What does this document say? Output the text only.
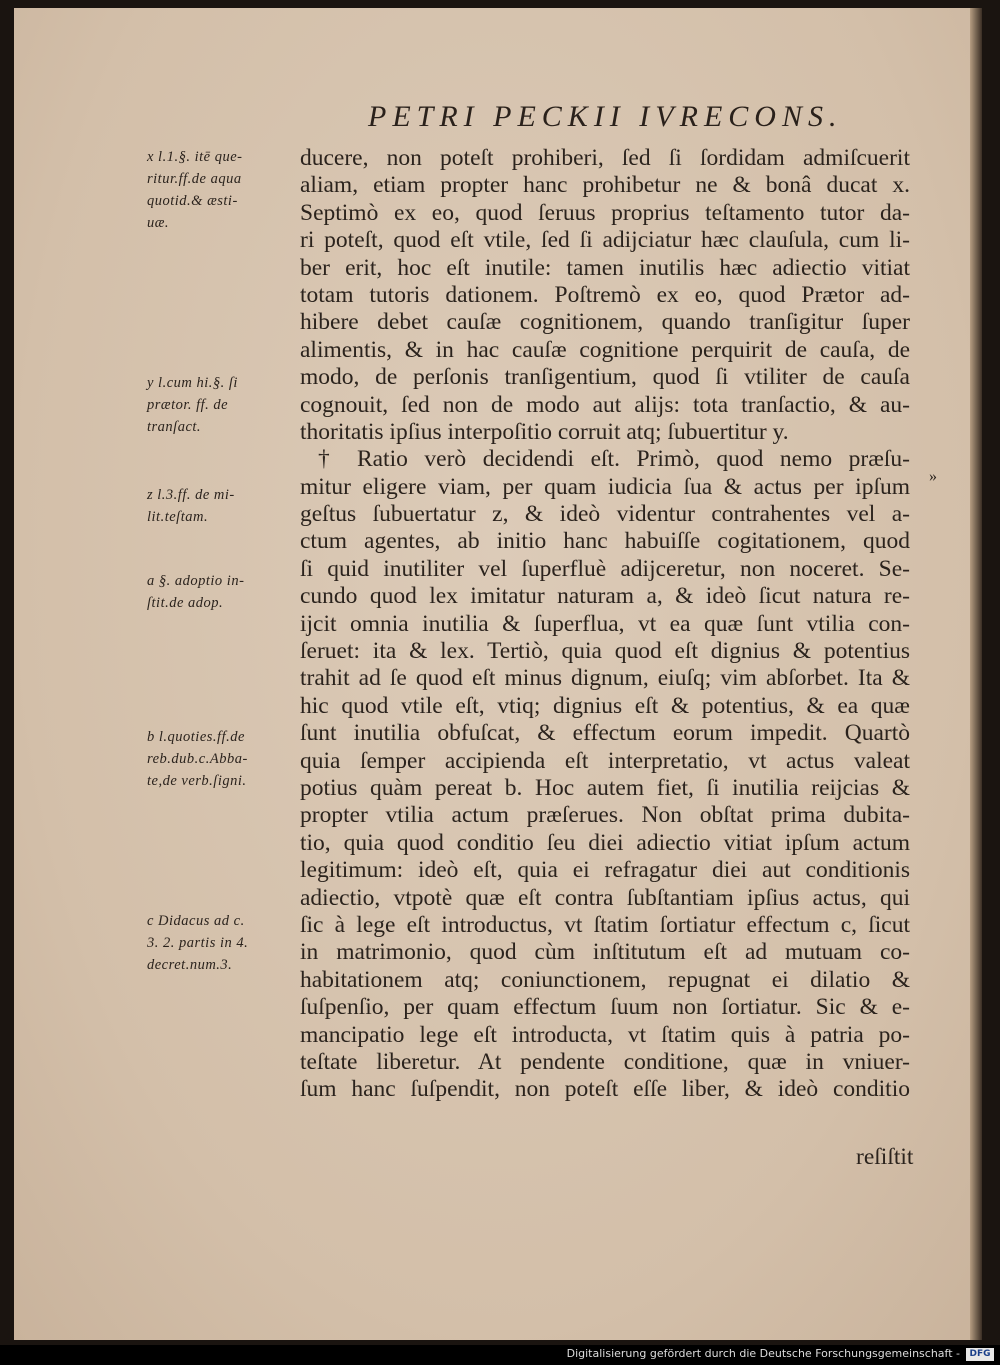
PETRI PECKII IVRECONS.
x l.1.§. itē que-
ritur.ff.de aqua
quotid.& æsti-
uæ.
y l.cum hi.§. ſi
prætor. ff. de
tranſact.
z l.3.ff. de mi-
lit.teſtam.
a §. adoptio in-
ſtit.de adop.
b l.quoties.ff.de
reb.dub.c.Abba-
te,de verb.ſigni.
c Didacus ad c.
3. 2. partis in 4.
decret.num.3.
»
ducere, non poteſt prohiberi, ſed ſi ſordidam admiſcuerit
aliam, etiam propter hanc prohibetur ne & bonâ ducat x.
Septimò ex eo, quod ſeruus proprius teſtamento tutor da-
ri poteſt, quod eſt vtile, ſed ſi adijciatur hæc clauſula, cum li-
ber erit, hoc eſt inutile: tamen inutilis hæc adiectio vitiat
totam tutoris dationem. Poſtremò ex eo, quod Prætor ad-
hibere debet cauſæ cognitionem, quando tranſigitur ſuper
alimentis, & in hac cauſæ cognitione perquirit de cauſa, de
modo, de perſonis tranſigentium, quod ſi vtiliter de cauſa
cognouit, ſed non de modo aut alijs: tota tranſactio, & au-
thoritatis ipſius interpoſitio corruit atq; ſubuertitur y.
† Ratio verò decidendi eſt. Primò, quod nemo præſu-
mitur eligere viam, per quam iudicia ſua & actus per ipſum
geſtus ſubuertatur z, & ideò videntur contrahentes vel a-
ctum agentes, ab initio hanc habuiſſe cogitationem, quod
ſi quid inutiliter vel ſuperfluè adijceretur, non noceret. Se-
cundo quod lex imitatur naturam a, & ideò ſicut natura re-
ijcit omnia inutilia & ſuperflua, vt ea quæ ſunt vtilia con-
ſeruet: ita & lex. Tertiò, quia quod eſt dignius & potentius
trahit ad ſe quod eſt minus dignum, eiuſq; vim abſorbet. Ita &
hic quod vtile eſt, vtiq; dignius eſt & potentius, & ea quæ
ſunt inutilia obfuſcat, & effectum eorum impedit. Quartò
quia ſemper accipienda eſt interpretatio, vt actus valeat
potius quàm pereat b. Hoc autem fiet, ſi inutilia reijcias &
propter vtilia actum præſerues. Non obſtat prima dubita-
tio, quia quod conditio ſeu diei adiectio vitiat ipſum actum
legitimum: ideò eſt, quia ei refragatur diei aut conditionis
adiectio, vtpotè quæ eſt contra ſubſtantiam ipſius actus, qui
ſic à lege eſt introductus, vt ſtatim ſortiatur effectum c, ſicut
in matrimonio, quod cùm inſtitutum eſt ad mutuam co-
habitationem atq; coniunctionem, repugnat ei dilatio &
ſuſpenſio, per quam effectum ſuum non ſortiatur. Sic & e-
mancipatio lege eſt introducta, vt ſtatim quis à patria po-
teſtate liberetur. At pendente conditione, quæ in vniuer-
ſum hanc ſuſpendit, non poteſt eſſe liber, & ideò conditio
reſiſtit
Digitalisierung gefördert durch die Deutsche Forschungsgemeinschaft -	DFG
